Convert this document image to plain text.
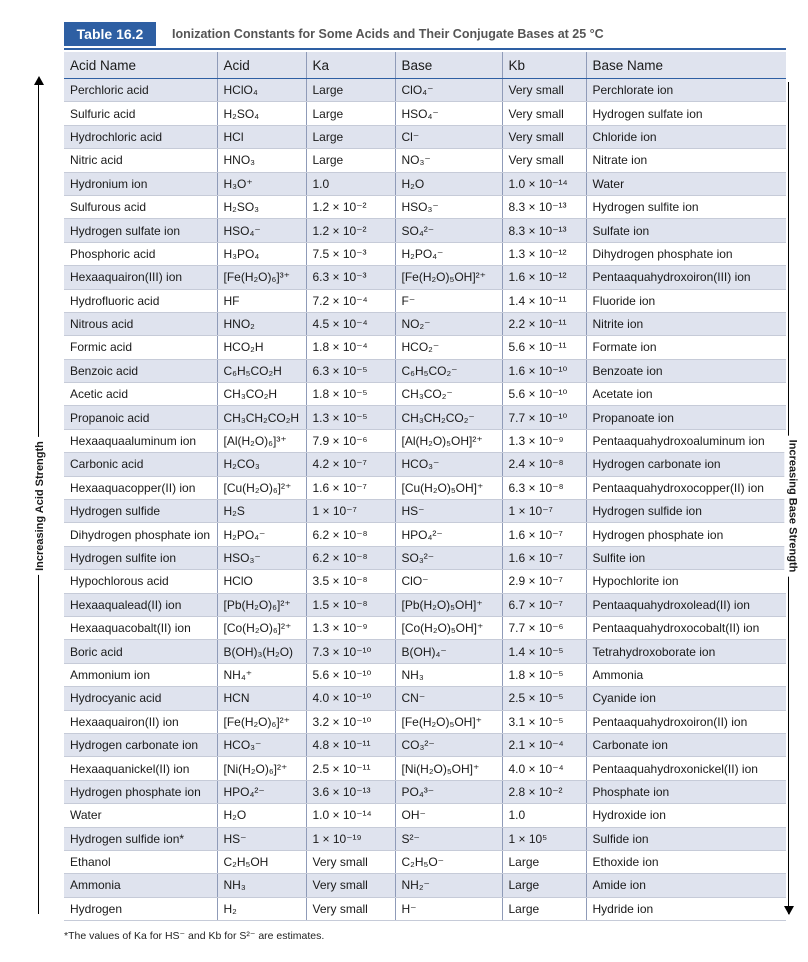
Table 16.2	Ionization Constants for Some Acids and Their Conjugate Bases at 25 °C
Acid Name	Acid	Ka	Base	Kb	Base Name
Perchloric acid	HClO₄	Large	ClO₄⁻	Very small	Perchlorate ion
Sulfuric acid	H₂SO₄	Large	HSO₄⁻	Very small	Hydrogen sulfate ion
Hydrochloric acid	HCl	Large	Cl⁻	Very small	Chloride ion
Nitric acid	HNO₃	Large	NO₃⁻	Very small	Nitrate ion
Hydronium ion	H₃O⁺	1.0	H₂O	1.0 × 10⁻¹⁴	Water
Sulfurous acid	H₂SO₃	1.2 × 10⁻²	HSO₃⁻	8.3 × 10⁻¹³	Hydrogen sulfite ion
Hydrogen sulfate ion	HSO₄⁻	1.2 × 10⁻²	SO₄²⁻	8.3 × 10⁻¹³	Sulfate ion
Phosphoric acid	H₃PO₄	7.5 × 10⁻³	H₂PO₄⁻	1.3 × 10⁻¹²	Dihydrogen phosphate ion
Hexaaquairon(III) ion	[Fe(H₂O)₆]³⁺	6.3 × 10⁻³	[Fe(H₂O)₅OH]²⁺	1.6 × 10⁻¹²	Pentaaquahydroxoiron(III) ion
Hydrofluoric acid	HF	7.2 × 10⁻⁴	F⁻	1.4 × 10⁻¹¹	Fluoride ion
Nitrous acid	HNO₂	4.5 × 10⁻⁴	NO₂⁻	2.2 × 10⁻¹¹	Nitrite ion
Formic acid	HCO₂H	1.8 × 10⁻⁴	HCO₂⁻	5.6 × 10⁻¹¹	Formate ion
Benzoic acid	C₆H₅CO₂H	6.3 × 10⁻⁵	C₆H₅CO₂⁻	1.6 × 10⁻¹⁰	Benzoate ion
Acetic acid	CH₃CO₂H	1.8 × 10⁻⁵	CH₃CO₂⁻	5.6 × 10⁻¹⁰	Acetate ion
Propanoic acid	CH₃CH₂CO₂H	1.3 × 10⁻⁵	CH₃CH₂CO₂⁻	7.7 × 10⁻¹⁰	Propanoate ion
Hexaaquaaluminum ion	[Al(H₂O)₆]³⁺	7.9 × 10⁻⁶	[Al(H₂O)₅OH]²⁺	1.3 × 10⁻⁹	Pentaaquahydroxoaluminum ion
Carbonic acid	H₂CO₃	4.2 × 10⁻⁷	HCO₃⁻	2.4 × 10⁻⁸	Hydrogen carbonate ion
Hexaaquacopper(II) ion	[Cu(H₂O)₆]²⁺	1.6 × 10⁻⁷	[Cu(H₂O)₅OH]⁺	6.3 × 10⁻⁸	Pentaaquahydroxocopper(II) ion
Hydrogen sulfide	H₂S	1 × 10⁻⁷	HS⁻	1 × 10⁻⁷	Hydrogen sulfide ion
Dihydrogen phosphate ion	H₂PO₄⁻	6.2 × 10⁻⁸	HPO₄²⁻	1.6 × 10⁻⁷	Hydrogen phosphate ion
Hydrogen sulfite ion	HSO₃⁻	6.2 × 10⁻⁸	SO₃²⁻	1.6 × 10⁻⁷	Sulfite ion
Hypochlorous acid	HClO	3.5 × 10⁻⁸	ClO⁻	2.9 × 10⁻⁷	Hypochlorite ion
Hexaaqualead(II) ion	[Pb(H₂O)₆]²⁺	1.5 × 10⁻⁸	[Pb(H₂O)₅OH]⁺	6.7 × 10⁻⁷	Pentaaquahydroxolead(II) ion
Hexaaquacobalt(II) ion	[Co(H₂O)₆]²⁺	1.3 × 10⁻⁹	[Co(H₂O)₅OH]⁺	7.7 × 10⁻⁶	Pentaaquahydroxocobalt(II) ion
Boric acid	B(OH)₃(H₂O)	7.3 × 10⁻¹⁰	B(OH)₄⁻	1.4 × 10⁻⁵	Tetrahydroxoborate ion
Ammonium ion	NH₄⁺	5.6 × 10⁻¹⁰	NH₃	1.8 × 10⁻⁵	Ammonia
Hydrocyanic acid	HCN	4.0 × 10⁻¹⁰	CN⁻	2.5 × 10⁻⁵	Cyanide ion
Hexaaquairon(II) ion	[Fe(H₂O)₆]²⁺	3.2 × 10⁻¹⁰	[Fe(H₂O)₅OH]⁺	3.1 × 10⁻⁵	Pentaaquahydroxoiron(II) ion
Hydrogen carbonate ion	HCO₃⁻	4.8 × 10⁻¹¹	CO₃²⁻	2.1 × 10⁻⁴	Carbonate ion
Hexaaquanickel(II) ion	[Ni(H₂O)₆]²⁺	2.5 × 10⁻¹¹	[Ni(H₂O)₅OH]⁺	4.0 × 10⁻⁴	Pentaaquahydroxonickel(II) ion
Hydrogen phosphate ion	HPO₄²⁻	3.6 × 10⁻¹³	PO₄³⁻	2.8 × 10⁻²	Phosphate ion
Water	H₂O	1.0 × 10⁻¹⁴	OH⁻	1.0	Hydroxide ion
Hydrogen sulfide ion*	HS⁻	1 × 10⁻¹⁹	S²⁻	1 × 10⁵	Sulfide ion
Ethanol	C₂H₅OH	Very small	C₂H₅O⁻	Large	Ethoxide ion
Ammonia	NH₃	Very small	NH₂⁻	Large	Amide ion
Hydrogen	H₂	Very small	H⁻	Large	Hydride ion
Increasing Acid Strength	Increasing Base Strength
*The values of Ka for HS⁻ and Kb for S²⁻ are estimates.
